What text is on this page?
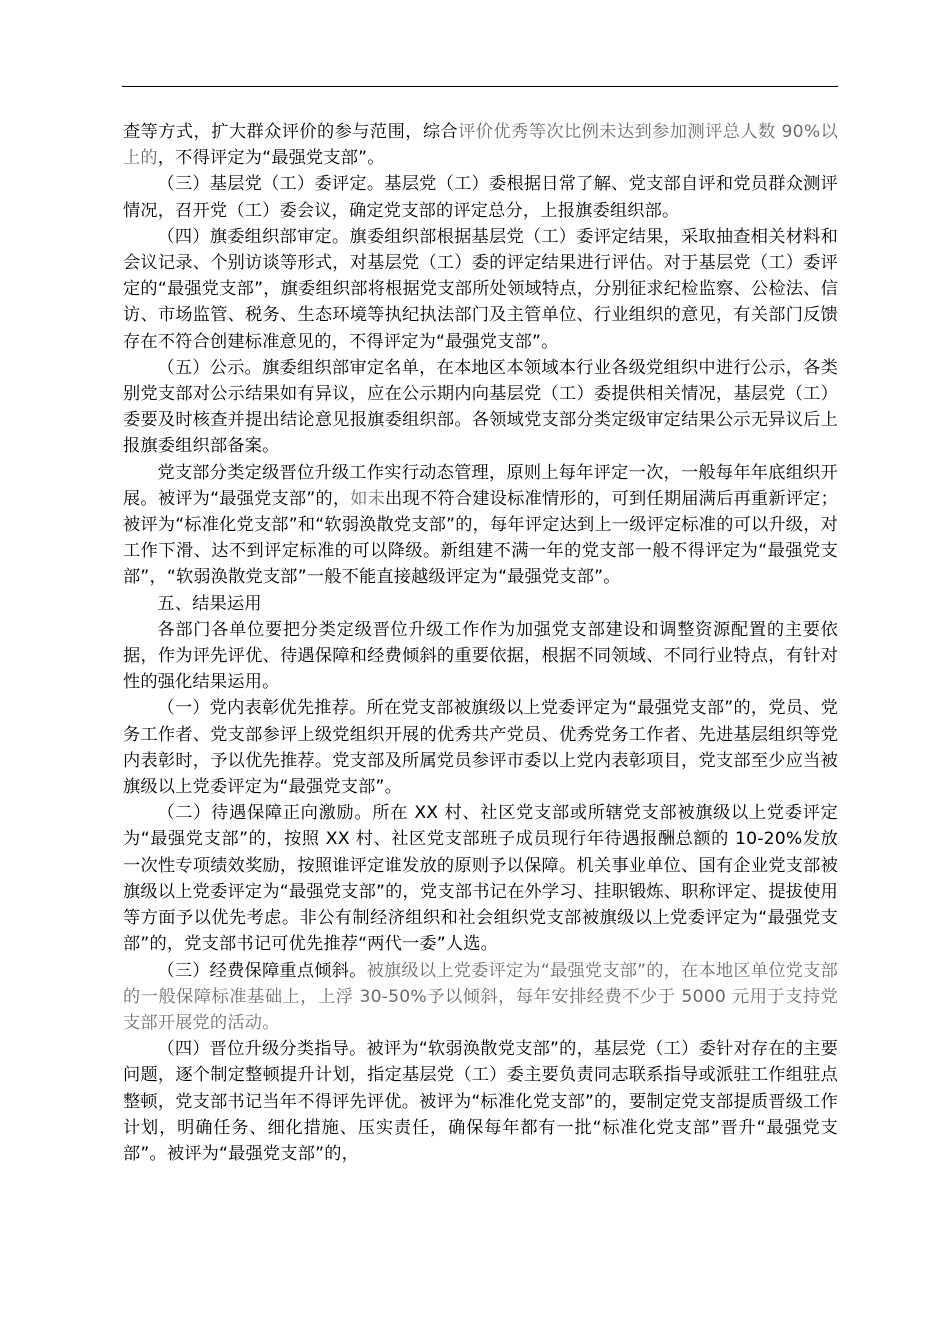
查等方式，扩大群众评价的参与范围，综合评价优秀等次比例未达到参加测评总人数 90%以上的，不得评定为“最强党支部”。

（三）基层党（工）委评定。基层党（工）委根据日常了解、党支部自评和党员群众测评情况，召开党（工）委会议，确定党支部的评定总分，上报旗委组织部。

（四）旗委组织部审定。旗委组织部根据基层党（工）委评定结果，采取抽查相关材料和会议记录、个别访谈等形式，对基层党（工）委的评定结果进行评估。对于基层党（工）委评定的“最强党支部”，旗委组织部将根据党支部所处领域特点，分别征求纪检监察、公检法、信访、市场监管、税务、生态环境等执纪执法部门及主管单位、行业组织的意见，有关部门反馈存在不符合创建标准意见的，不得评定为“最强党支部”。

（五）公示。旗委组织部审定名单，在本地区本领域本行业各级党组织中进行公示，各类别党支部对公示结果如有异议，应在公示期内向基层党（工）委提供相关情况，基层党（工）委要及时核查并提出结论意见报旗委组织部。各领域党支部分类定级审定结果公示无异议后上报旗委组织部备案。

党支部分类定级晋位升级工作实行动态管理，原则上每年评定一次，一般每年年底组织开展。被评为“最强党支部”的，如未出现不符合建设标准情形的，可到任期届满后再重新评定；被评为“标准化党支部”和“软弱涣散党支部”的，每年评定达到上一级评定标准的可以升级，对工作下滑、达不到评定标准的可以降级。新组建不满一年的党支部一般不得评定为“最强党支部”，“软弱涣散党支部”一般不能直接越级评定为“最强党支部”。

五、结果运用

各部门各单位要把分类定级晋位升级工作作为加强党支部建设和调整资源配置的主要依据，作为评先评优、待遇保障和经费倾斜的重要依据，根据不同领域、不同行业特点，有针对性的强化结果运用。

（一）党内表彰优先推荐。所在党支部被旗级以上党委评定为“最强党支部”的，党员、党务工作者、党支部参评上级党组织开展的优秀共产党员、优秀党务工作者、先进基层组织等党内表彰时，予以优先推荐。党支部及所属党员参评市委以上党内表彰项目，党支部至少应当被旗级以上党委评定为“最强党支部”。

（二）待遇保障正向激励。所在 XX 村、社区党支部或所辖党支部被旗级以上党委评定为“最强党支部”的，按照 XX 村、社区党支部班子成员现行年待遇报酬总额的 10-20%发放一次性专项绩效奖励，按照谁评定谁发放的原则予以保障。机关事业单位、国有企业党支部被旗级以上党委评定为“最强党支部”的，党支部书记在外学习、挂职锻炼、职称评定、提拔使用等方面予以优先考虑。非公有制经济组织和社会组织党支部被旗级以上党委评定为“最强党支部”的，党支部书记可优先推荐“两代一委”人选。

（三）经费保障重点倾斜。被旗级以上党委评定为“最强党支部”的，在本地区单位党支部的一般保障标准基础上，上浮 30-50%予以倾斜，每年安排经费不少于 5000 元用于支持党支部开展党的活动。

（四）晋位升级分类指导。被评为“软弱涣散党支部”的，基层党（工）委针对存在的主要问题，逐个制定整顿提升计划，指定基层党（工）委主要负责同志联系指导或派驻工作组驻点整顿，党支部书记当年不得评先评优。被评为“标准化党支部”的，要制定党支部提质晋级工作计划，明确任务、细化措施、压实责任，确保每年都有一批“标准化党支部”晋升“最强党支部”。被评为“最强党支部”的，
